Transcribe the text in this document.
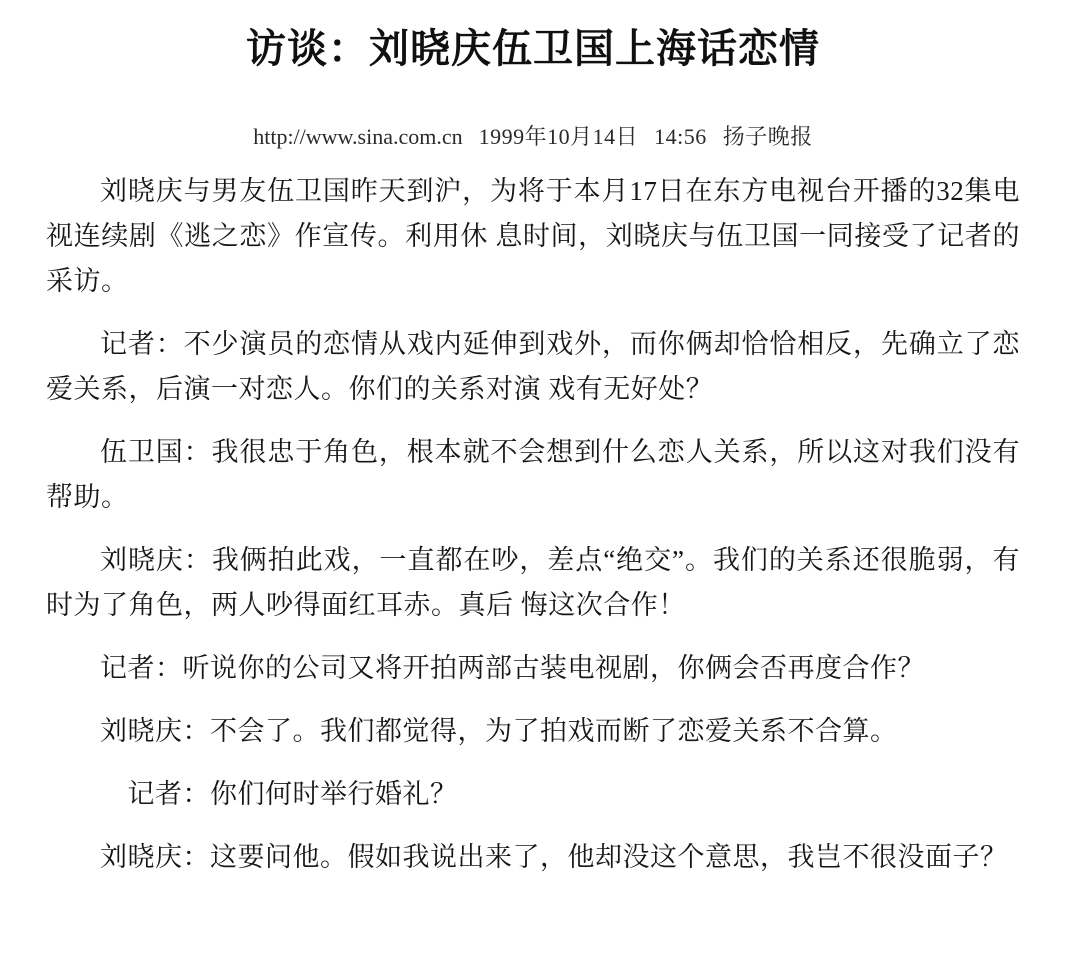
访谈：刘晓庆伍卫国上海话恋情
http://www.sina.com.cn 1999年10月14日 14:56 扬子晚报

刘晓庆与男友伍卫国昨天到沪，为将于本月17日在东方电视台开播的32集电视连续剧《逃之恋》作宣传。利用休 息时间，刘晓庆与伍卫国一同接受了记者的采访。

记者：不少演员的恋情从戏内延伸到戏外，而你俩却恰恰相反，先确立了恋爱关系，后演一对恋人。你们的关系对演 戏有无好处？

伍卫国：我很忠于角色，根本就不会想到什么恋人关系，所以这对我们没有帮助。

刘晓庆：我俩拍此戏，一直都在吵，差点“绝交”。我们的关系还很脆弱，有时为了角色，两人吵得面红耳赤。真后 悔这次合作！

记者：听说你的公司又将开拍两部古装电视剧，你俩会否再度合作？

刘晓庆：不会了。我们都觉得，为了拍戏而断了恋爱关系不合算。

　记者：你们何时举行婚礼？

刘晓庆：这要问他。假如我说出来了，他却没这个意思，我岂不很没面子？
